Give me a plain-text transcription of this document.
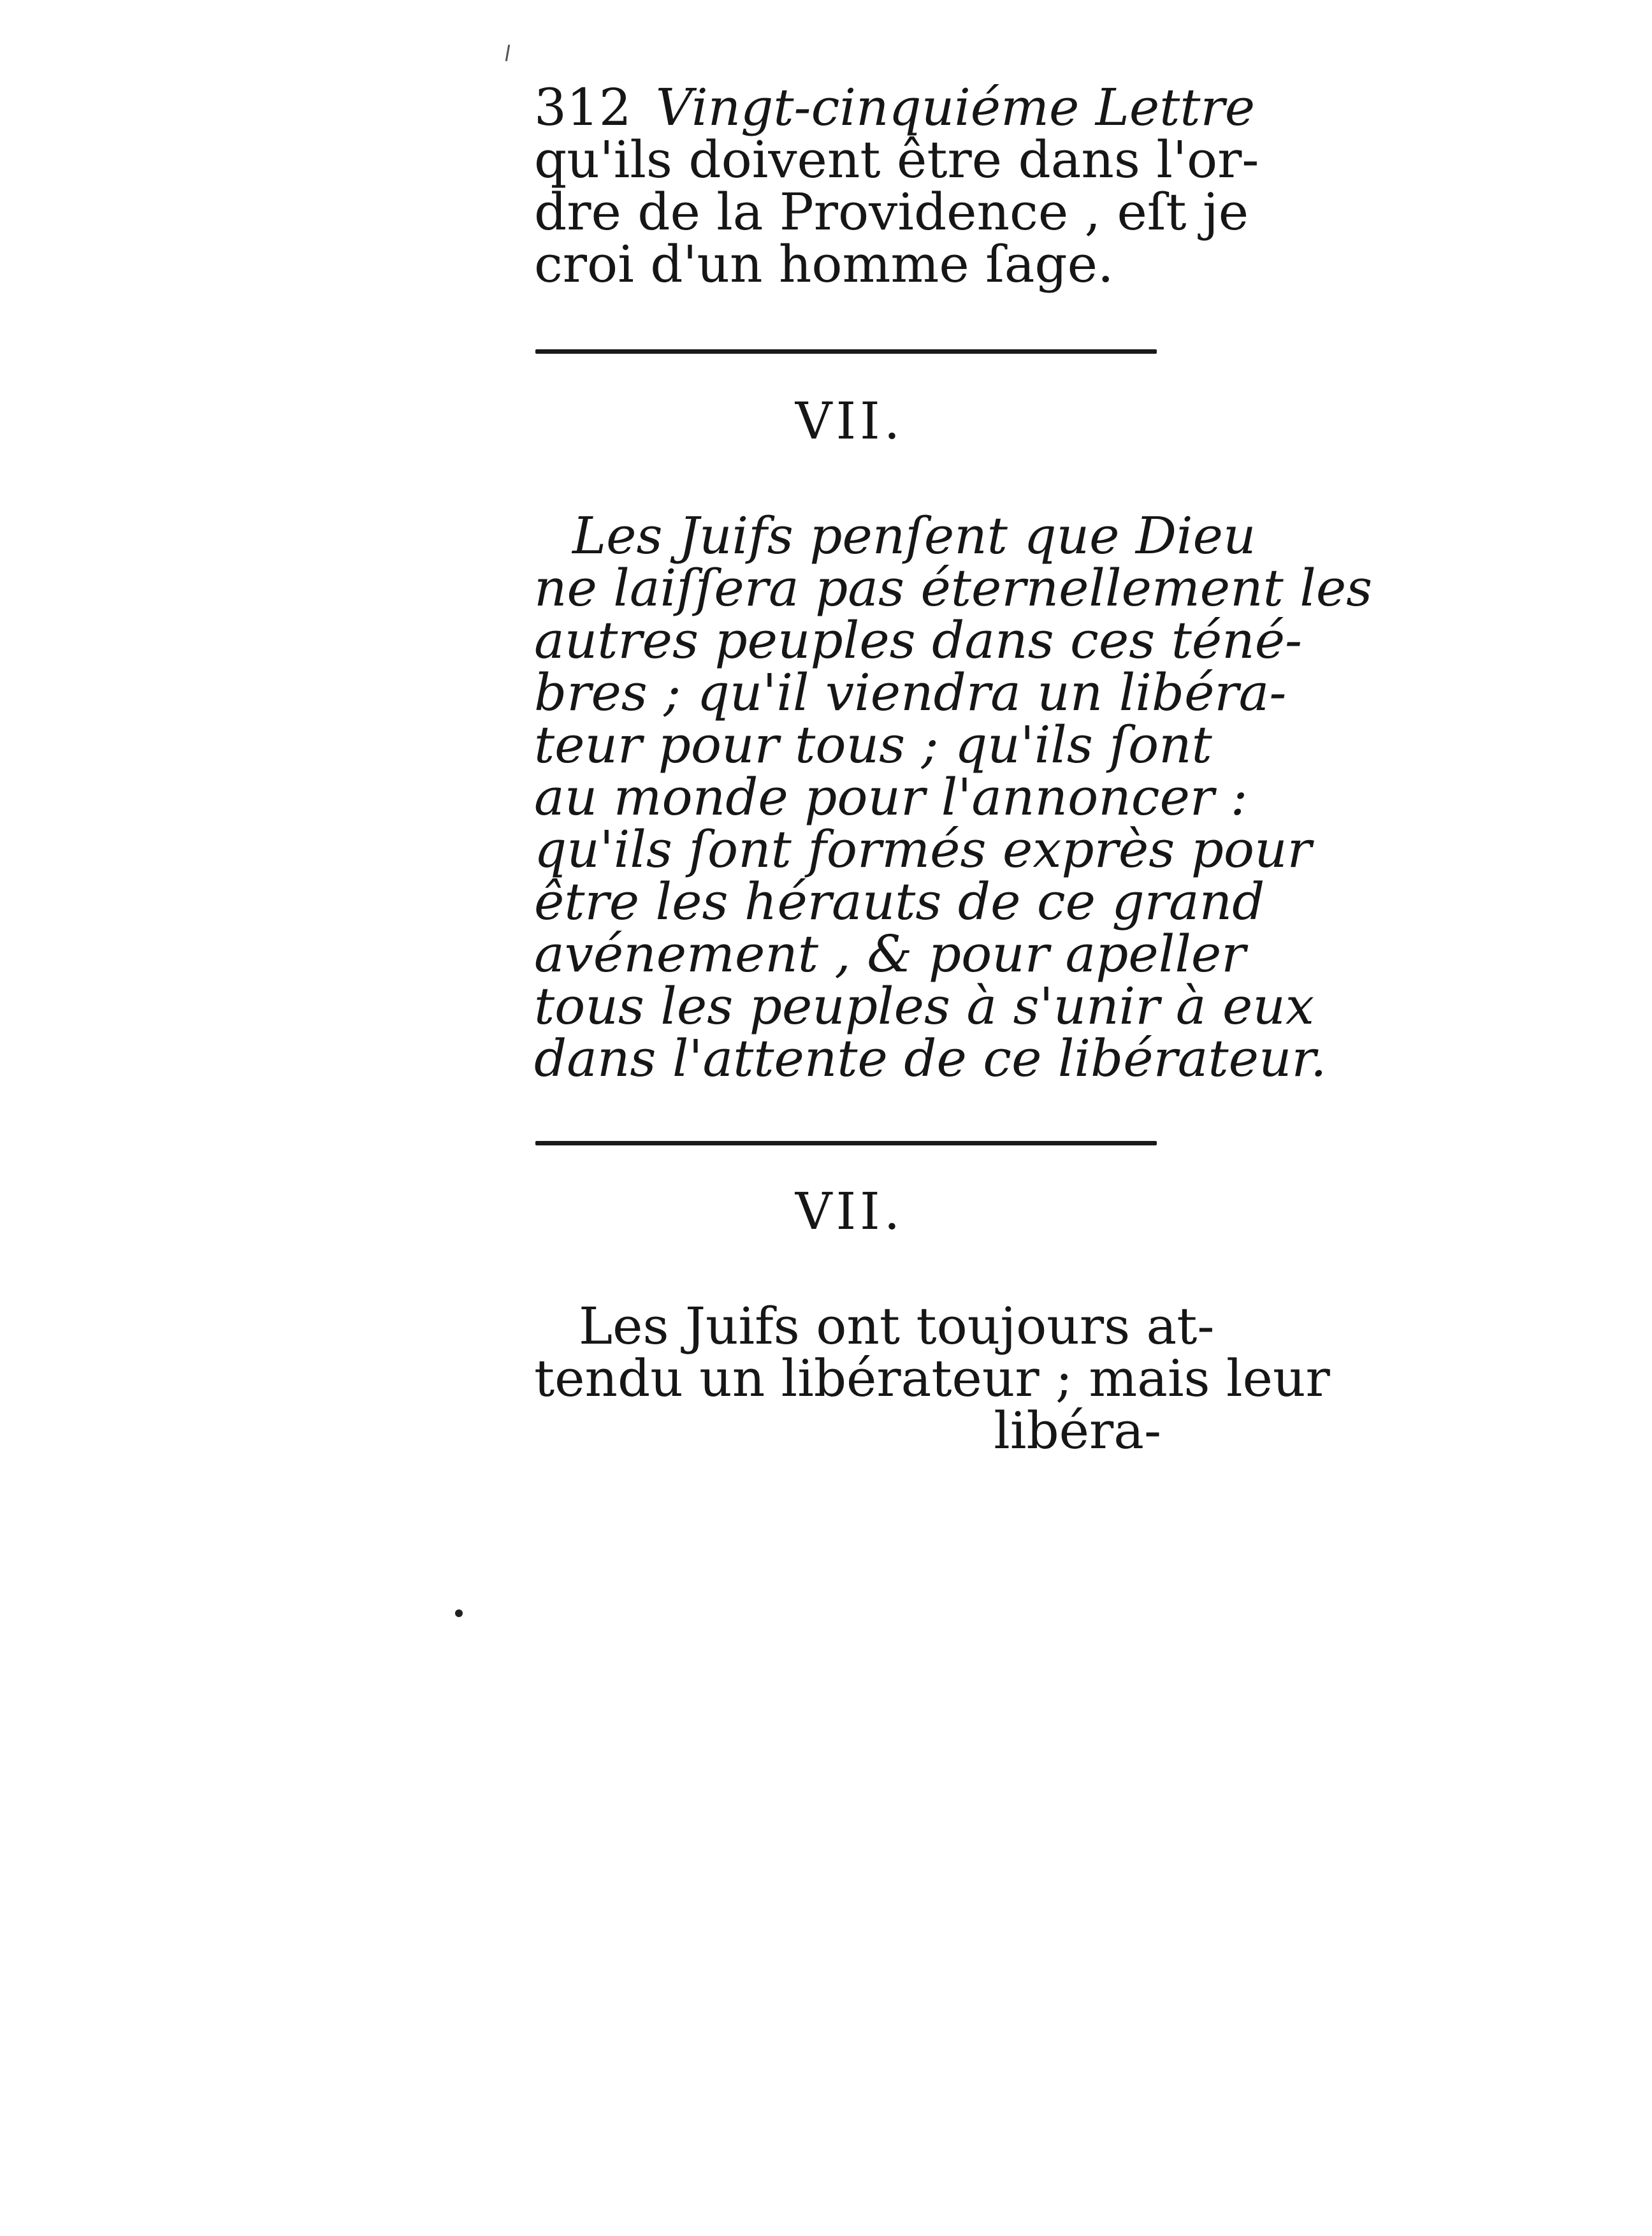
312 Vingt-cinquiéme Lettre
qu'ils doivent être dans l'or-
dre de la Providence , eſt je
croi d'un homme ſage.
VII.
Les Juifs penſent que Dieu
ne laiſſera pas éternellement les
autres peuples dans ces téné-
bres ; qu'il viendra un libéra-
teur pour tous ; qu'ils ſont
au monde pour l'annoncer :
qu'ils ſont formés exprès pour
être les hérauts de ce grand
avénement , & pour apeller
tous les peuples à s'unir à eux
dans l'attente de ce libérateur.
VII.
Les Juifs ont toujours at-
tendu un libérateur ; mais leur
libéra-
